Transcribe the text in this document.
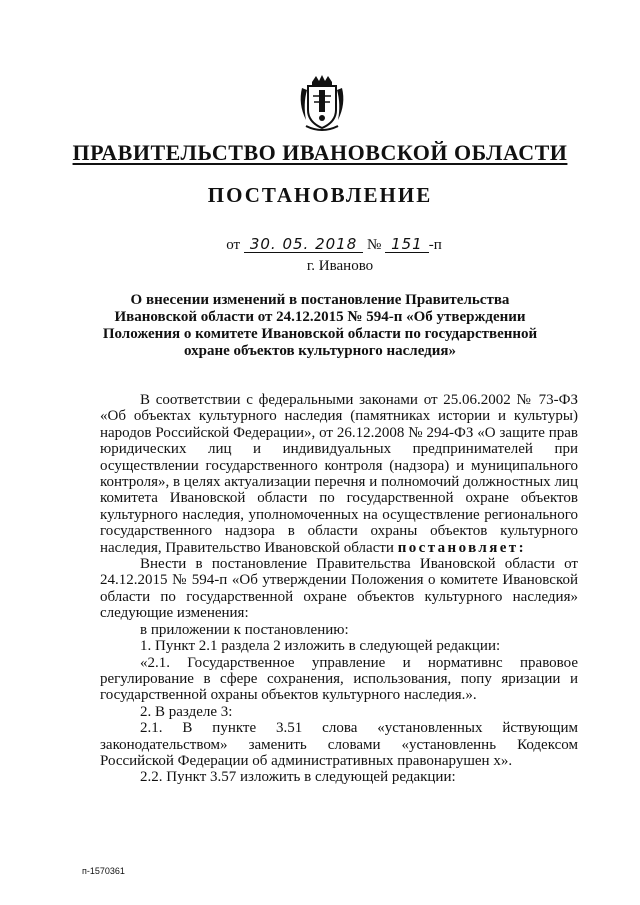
ПРАВИТЕЛЬСТВО ИВАНОВСКОЙ ОБЛАСТИ
ПОСТАНОВЛЕНИЕ
от 30. 05. 2018 № 151 -п
г. Иваново
О внесении изменений в постановление Правительства Ивановской области от 24.12.2015 № 594-п «Об утверждении Положения о комитете Ивановской области по государственной охране объектов культурного наследия»

В соответствии с федеральными законами от 25.06.2002 № 73-ФЗ «Об объектах культурного наследия (памятниках истории и культуры) народов Российской Федерации», от 26.12.2008 № 294-ФЗ «О защите прав юридических лиц и индивидуальных предпринимателей при осуществлении государственного контроля (надзора) и муниципального контроля», в целях актуализации перечня и полномочий должностных лиц комитета Ивановской области по государственной охране объектов культурного наследия, уполномоченных на осуществление регионального государственного надзора в области охраны объектов культурного наследия, Правительство Ивановской области постановляет:

Внести в постановление Правительства Ивановской области от 24.12.2015 № 594-п «Об утверждении Положения о комитете Ивановской области по государственной охране объектов культурного наследия» следующие изменения:

в приложении к постановлению:

1. Пункт 2.1 раздела 2 изложить в следующей редакции:

«2.1. Государственное управление и нормативнс правовое регулирование в сфере сохранения, использования, попу яризации и государственной охраны объектов культурного наследия.».

2. В разделе 3:

2.1. В пункте 3.51 слова «установленных йствующим законодательством» заменить словами «установленнь Кодексом Российской Федерации об административных правонарушен х».

2.2. Пункт 3.57 изложить в следующей редакции:

п-1570361
